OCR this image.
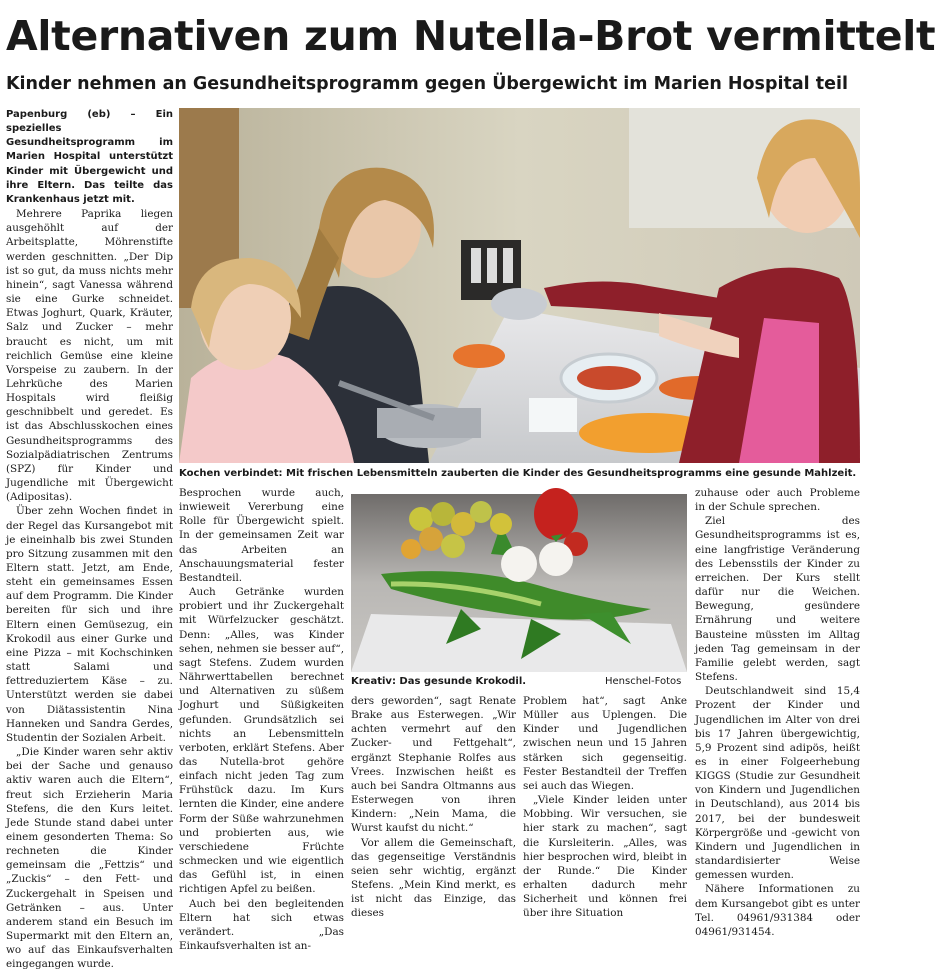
Alternativen zum Nutella-Brot vermittelt
Kinder nehmen an Gesundheitsprogramm gegen Übergewicht im Marien Hospital teil

Papenburg (eb) – Ein spezielles Gesundheitsprogramm im Marien Hospital unterstützt Kinder mit Übergewicht und ihre Eltern. Das teilte das Krankenhaus jetzt mit.

Mehrere Paprika liegen ausgehöhlt auf der Arbeitsplatte, Möhrenstifte werden geschnitten. „Der Dip ist so gut, da muss nichts mehr hinein“, sagt Vanessa während sie eine Gurke schneidet. Etwas Joghurt, Quark, Kräuter, Salz und Zucker – mehr braucht es nicht, um mit reichlich Gemüse eine kleine Vorspeise zu zaubern. In der Lehrküche des Marien Hospitals wird fleißig geschnibbelt und geredet. Es ist das Abschlusskochen eines Gesundheitsprogramms des Sozialpädiatrischen Zentrums (SPZ) für Kinder und Jugendliche mit Übergewicht (Adipositas).

Über zehn Wochen findet in der Regel das Kursangebot mit je eineinhalb bis zwei Stunden pro Sitzung zusammen mit den Eltern statt. Jetzt, am Ende, steht ein gemeinsames Essen auf dem Programm. Die Kinder bereiten für sich und ihre Eltern einen Gemüsezug, ein Krokodil aus einer Gurke und eine Pizza – mit Kochschinken statt Salami und fettreduziertem Käse – zu. Unterstützt werden sie dabei von Diätassistentin Nina Hanneken und Sandra Gerdes, Studentin der Sozialen Arbeit.

„Die Kinder waren sehr aktiv bei der Sache und genauso aktiv waren auch die Eltern“, freut sich Erzieherin Maria Stefens, die den Kurs leitet. Jede Stunde stand dabei unter einem gesonderten Thema: So rechneten die Kinder gemeinsam die „Fettzis“ und „Zuckis“ – den Fett- und Zuckergehalt in Speisen und Getränken – aus. Unter anderem stand ein Besuch im Supermarkt mit den Eltern an, wo auf das Einkaufsverhalten eingegangen wurde.

Kochen verbindet: Mit frischen Lebensmitteln zauberten die Kinder des Gesundheitsprogramms eine gesunde Mahlzeit.

Besprochen wurde auch, inwieweit Vererbung eine Rolle für Übergewicht spielt. In der gemeinsamen Zeit war das Arbeiten an Anschauungsmaterial fester Bestandteil.

Auch Getränke wurden probiert und ihr Zuckergehalt mit Würfelzucker geschätzt. Denn: „Alles, was Kinder sehen, nehmen sie besser auf“, sagt Stefens. Zudem wurden Nährwerttabellen berechnet und Alternativen zu süßem Joghurt und Süßigkeiten gefunden. Grundsätzlich sei nichts an Lebensmitteln verboten, erklärt Stefens. Aber das Nutella-brot gehöre einfach nicht jeden Tag zum Frühstück dazu. Im Kurs lernten die Kinder, eine andere Form der Süße wahrzunehmen und probierten aus, wie verschiedene Früchte schmecken und wie eigentlich das Gefühl ist, in einen richtigen Apfel zu beißen.

Auch bei den begleitenden Eltern hat sich etwas verändert. „Das Einkaufsverhalten ist an-

Kreativ: Das gesunde Krokodil.	Henschel-Fotos

ders geworden“, sagt Renate Brake aus Esterwegen. „Wir achten vermehrt auf den Zucker- und Fettgehalt“, ergänzt Stephanie Rolfes aus Vrees. Inzwischen heißt es auch bei Sandra Oltmanns aus Esterwegen von ihren Kindern: „Nein Mama, die Wurst kaufst du nicht.“

Vor allem die Gemeinschaft, das gegenseitige Verständnis seien sehr wichtig, ergänzt Stefens. „Mein Kind merkt, es ist nicht das Einzige, das dieses

Problem hat“, sagt Anke Müller aus Uplengen. Die Kinder und Jugendlichen zwischen neun und 15 Jahren stärken sich gegenseitig. Fester Bestandteil der Treffen sei auch das Wiegen.

„Viele Kinder leiden unter Mobbing. Wir versuchen, sie hier stark zu machen“, sagt die Kursleiterin. „Alles, was hier besprochen wird, bleibt in der Runde.“ Die Kinder erhalten dadurch mehr Sicherheit und können frei über ihre Situation

zuhause oder auch Probleme in der Schule sprechen.

Ziel des Gesundheitsprogramms ist es, eine langfristige Veränderung des Lebensstils der Kinder zu erreichen. Der Kurs stellt dafür nur die Weichen. Bewegung, gesündere Ernährung und weitere Bausteine müssten im Alltag jeden Tag gemeinsam in der Familie gelebt werden, sagt Stefens.

Deutschlandweit sind 15,4 Prozent der Kinder und Jugendlichen im Alter von drei bis 17 Jahren übergewichtig, 5,9 Prozent sind adipös, heißt es in einer Folgeerhebung KIGGS (Studie zur Gesundheit von Kindern und Jugendlichen in Deutschland), aus 2014 bis 2017, bei der bundesweit Körpergröße und -gewicht von Kindern und Jugendlichen in standardisierter Weise gemessen wurden.

Nähere Informationen zu dem Kursangebot gibt es unter Tel. 04961/931384 oder 04961/931454.
